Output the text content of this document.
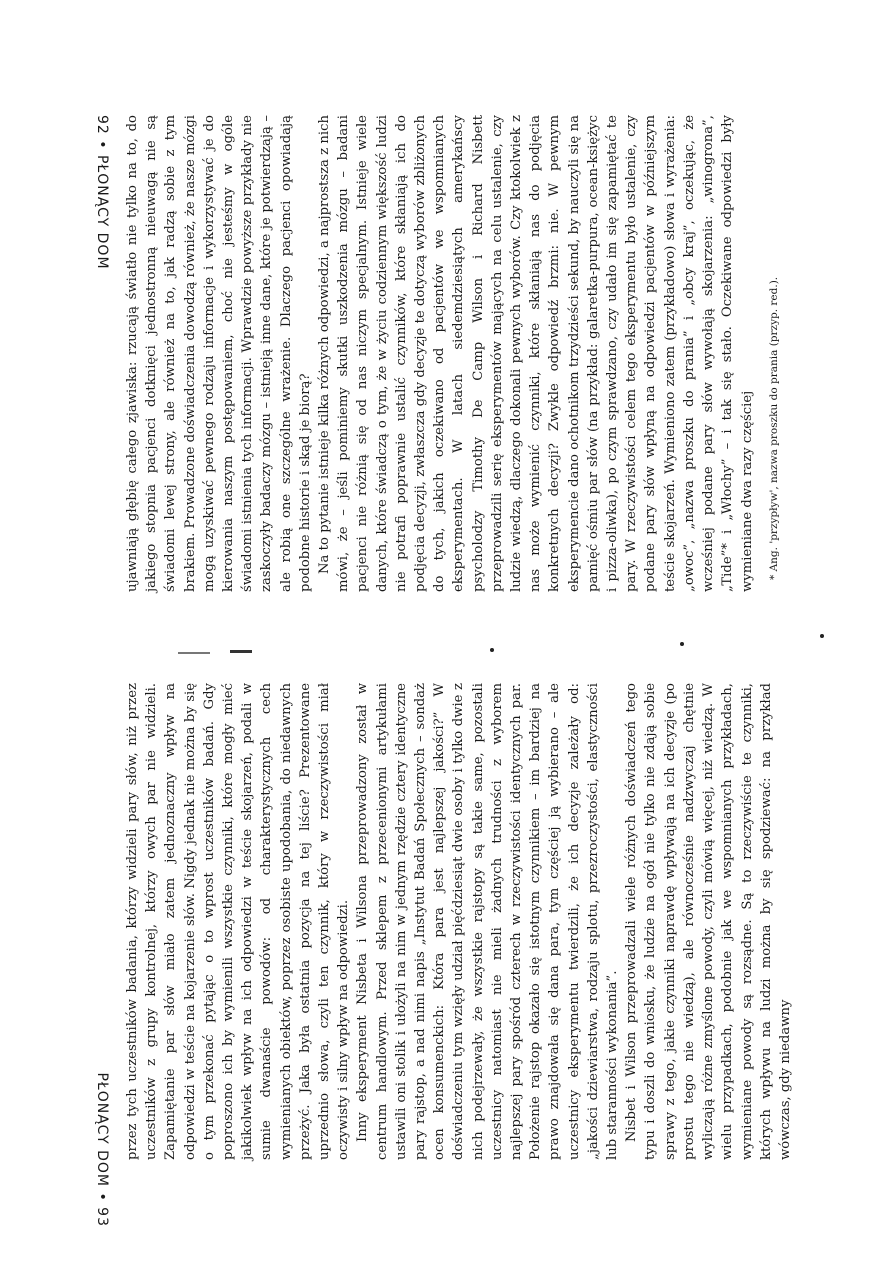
ujawniają głębię całego zjawiska: rzucają światło nie tylko na to, do jakiego stopnia pacjenci dotknięci jednostronną nieuwagą nie są świadomi lewej strony, ale również na to, jak radzą sobie z tym brakiem. Prowadzone doświadczenia dowodzą również, że nasze mózgi mogą uzyskiwać pewnego rodzaju informacje i wykorzystywać je do kierowania naszym postępowaniem, choć nie jesteśmy w ogóle świadomi istnienia tych informacji. Wprawdzie powyższe przykłady nie zaskoczyły badaczy mózgu – istnieją inne dane, które je potwierdzają – ale robią one szczególne wrażenie. Dlaczego pacjenci opowiadają podobne historie i skąd je biorą? Na to pytanie istnieje kilka różnych odpowiedzi, a najprostsza z nich mówi, że – jeśli pominiemy skutki uszkodzenia mózgu – badani pacjenci nie różnią się od nas niczym specjalnym. Istnieje wiele danych, które świadczą o tym, że w życiu codziennym większość ludzi nie potrafi poprawnie ustalić czynników, które skłaniają ich do podjęcia decyzji, zwłaszcza gdy decyzje te dotyczą wyborów zbliżonych do tych, jakich oczekiwano od pacjentów we wspomnianych eksperymentach. W latach siedemdziesiątych amerykańscy psycholodzy Timothy De Camp Wilson i Richard Nisbett przeprowadzili serię eksperymentów mających na celu ustalenie, czy ludzie wiedzą, dlaczego dokonali pewnych wyborów. Czy ktokolwiek z nas może wymienić czynniki, które skłaniają nas do podjęcia konkretnych decyzji? Zwykle odpowiedź brzmi: nie. W pewnym eksperymencie dano ochotnikom trzydzieści sekund, by nauczyli się na pamięć ośmiu par słów (na przykład: galaretka-purpura, ocean-księżyc i pizza-oliwka), po czym sprawdzano, czy udało im się zapamiętać te pary. W rzeczywistości celem tego eksperymentu było ustalenie, czy podane pary słów wpłyną na odpowiedzi pacjentów w późniejszym teście skojarzeń. Wymieniono zatem (przykładowo) słowa i wyrażenia: „owoc”, „nazwa proszku do prania” i „obcy kraj”, oczekując, że wcześniej podane pary słów wywołają skojarzenia: „winogrona”, „Tide”* i „Włochy” – i tak się stało. Oczekiwane odpowiedzi były wymieniane dwa razy częściej * Ang. 'przypływ', nazwa proszku do prania (przyp. red.).
92 • PŁONĄCY DOM

przez tych uczestników badania, którzy widzieli pary słów, niż przez uczestników z grupy kontrolnej, którzy owych par nie widzieli. Zapamiętanie par słów miało zatem jednoznaczny wpływ na odpowiedzi w teście na kojarzenie słów. Nigdy jednak nie można by się o tym przekonać pytając o to wprost uczestników badań. Gdy poproszono ich by wymienili wszystkie czynniki, które mogły mieć jakikolwiek wpływ na ich odpowiedzi w teście skojarzeń, podali w sumie dwanaście powodów: od charakterystycznych cech wymienianych obiektów, poprzez osobiste upodobania, do niedawnych przeżyć. Jaka była ostatnia pozycja na tej liście? Prezentowane uprzednio słowa, czyli ten czynnik, który w rzeczywistości miał oczywisty i silny wpływ na odpowiedzi. Inny eksperyment Nisbeta i Wilsona przeprowadzony został w centrum handlowym. Przed sklepem z przecenionymi artykułami ustawili oni stolik i ułożyli na nim w jednym rzędzie cztery identyczne pary rajstop, a nad nimi napis „Instytut Badań Społecznych – sondaż ocen konsumenckich: Która para jest najlepszej jakości?” W doświadczeniu tym wzięły udział pięćdziesiąt dwie osoby i tylko dwie z nich podejrzewały, że wszystkie rajstopy są takie same, pozostali uczestnicy natomiast nie mieli żadnych trudności z wyborem najlepszej pary spośród czterech w rzeczywistości identycznych par. Położenie rajstop okazało się istotnym czynnikiem – im bardziej na prawo znajdowała się dana para, tym częściej ją wybierano – ale uczestnicy eksperymentu twierdzili, że ich decyzje zależały od: „jakości dziewiarstwa, rodzaju splotu, przezroczystości, elastyczności lub staranności wykonania”. Nisbet i Wilson przeprowadzali wiele różnych doświadczeń tego typu i doszli do wniosku, że ludzie na ogół nie tylko nie zdają sobie sprawy z tego, jakie czynniki naprawdę wpływają na ich decyzje (po prostu tego nie wiedzą), ale równocześnie nadzwyczaj chętnie wyliczają różne zmyślone powody, czyli mówią więcej, niż wiedzą. W wielu przypadkach, podobnie jak we wspomnianych przykładach, wymieniane powody są rozsądne. Są to rzeczywiście te czynniki, których wpływu na ludzi można by się spodziewać: na przykład wówczas, gdy niedawny

PŁONĄCY DOM • 93
